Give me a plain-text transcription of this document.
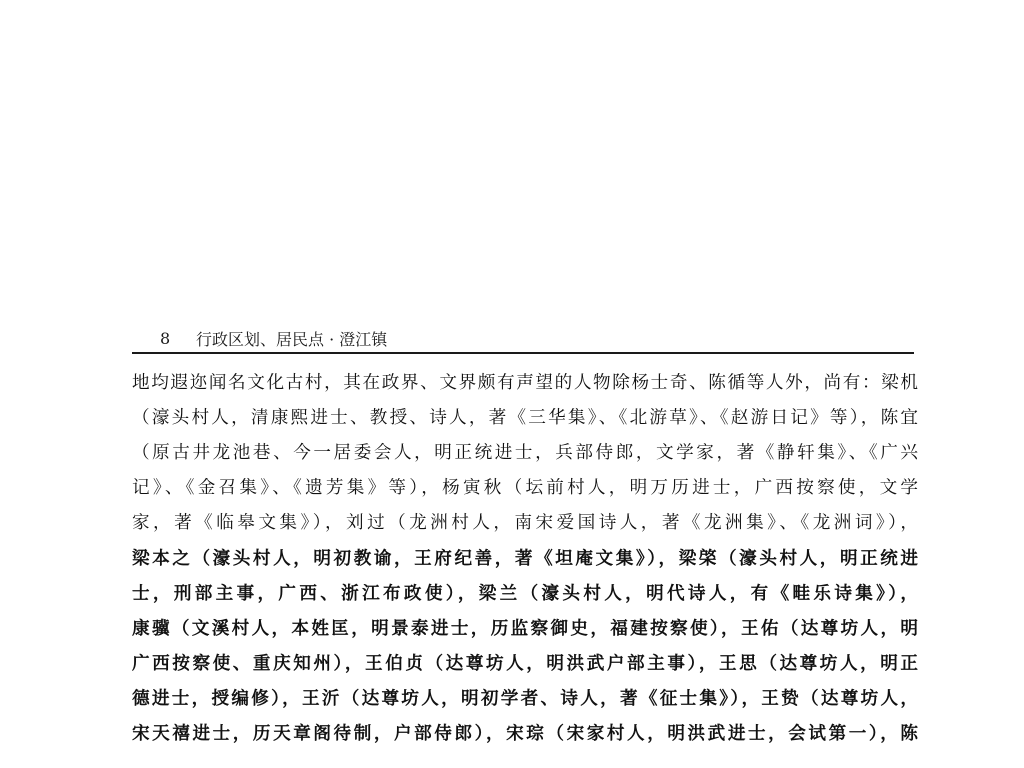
8	行政区划、居民点 · 澄江镇
地均遐迩闻名文化古村，其在政界、文界颇有声望的人物除杨士奇、陈循等人外，尚有：梁机
（濠头村人，清康熙进士、教授、诗人，著《三华集》、《北游草》、《赵游日记》等），陈宜
（原古井龙池巷、今一居委会人，明正统进士，兵部侍郎，文学家，著《静轩集》、《广兴
记》、《金召集》、《遗芳集》等），杨寅秋（坛前村人，明万历进士，广西按察使，文学
家，著《临皋文集》），刘过（龙洲村人，南宋爱国诗人，著《龙洲集》、《龙洲词》），
梁本之（濠头村人，明初教谕，王府纪善，著《坦庵文集》），梁棨（濠头村人，明正统进
士，刑部主事，广西、浙江布政使），梁兰（濠头村人，明代诗人，有《畦乐诗集》），
康骥（文溪村人，本姓匡，明景泰进士，历监察御史，福建按察使），王佑（达尊坊人，明
广西按察使、重庆知州），王伯贞（达尊坊人，明洪武户部主事），王思（达尊坊人，明正
德进士，授编修），王沂（达尊坊人，明初学者、诗人，著《征士集》），王贽（达尊坊人，
宋天禧进士，历天章阁待制，户部侍郎），宋琮（宋家村人，明洪武进士，会试第一），陈
